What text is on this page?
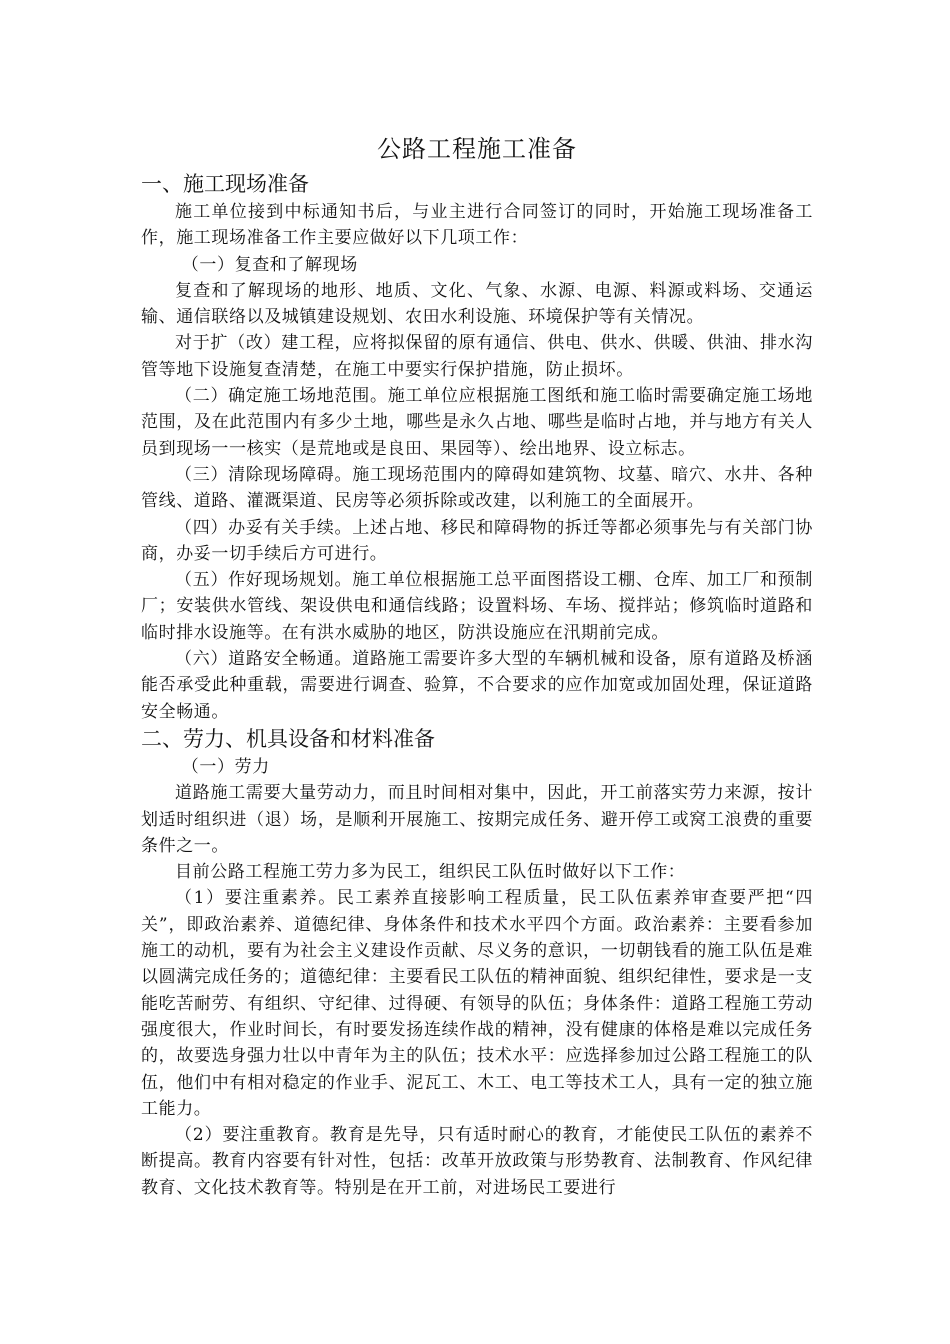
公路工程施工准备
一、施工现场准备

施工单位接到中标通知书后，与业主进行合同签订的同时，开始施工现场准备工作，施工现场准备工作主要应做好以下几项工作：

（一）复查和了解现场

复查和了解现场的地形、地质、文化、气象、水源、电源、料源或料场、交通运输、通信联络以及城镇建设规划、农田水利设施、环境保护等有关情况。

对于扩（改）建工程，应将拟保留的原有通信、供电、供水、供暖、供油、排水沟管等地下设施复查清楚，在施工中要实行保护措施，防止损坏。

（二）确定施工场地范围。施工单位应根据施工图纸和施工临时需要确定施工场地范围，及在此范围内有多少土地，哪些是永久占地、哪些是临时占地，并与地方有关人员到现场一一核实（是荒地或是良田、果园等）、绘出地界、设立标志。

（三）清除现场障碍。施工现场范围内的障碍如建筑物、坟墓、暗穴、水井、各种管线、道路、灌溉渠道、民房等必须拆除或改建，以利施工的全面展开。

（四）办妥有关手续。上述占地、移民和障碍物的拆迁等都必须事先与有关部门协商，办妥一切手续后方可进行。

（五）作好现场规划。施工单位根据施工总平面图搭设工棚、仓库、加工厂和预制厂；安装供水管线、架设供电和通信线路；设置料场、车场、搅拌站；修筑临时道路和临时排水设施等。在有洪水威胁的地区，防洪设施应在汛期前完成。

（六）道路安全畅通。道路施工需要许多大型的车辆机械和设备，原有道路及桥涵能否承受此种重载，需要进行调查、验算，不合要求的应作加宽或加固处理，保证道路安全畅通。

二、劳力、机具设备和材料准备

（一）劳力

道路施工需要大量劳动力，而且时间相对集中，因此，开工前落实劳力来源，按计划适时组织进（退）场，是顺利开展施工、按期完成任务、避开停工或窝工浪费的重要条件之一。

目前公路工程施工劳力多为民工，组织民工队伍时做好以下工作：

（1）要注重素养。民工素养直接影响工程质量，民工队伍素养审查要严把“四关”，即政治素养、道德纪律、身体条件和技术水平四个方面。政治素养：主要看参加施工的动机，要有为社会主义建设作贡献、尽义务的意识，一切朝钱看的施工队伍是难以圆满完成任务的；道德纪律：主要看民工队伍的精神面貌、组织纪律性，要求是一支能吃苦耐劳、有组织、守纪律、过得硬、有领导的队伍；身体条件：道路工程施工劳动强度很大，作业时间长，有时要发扬连续作战的精神，没有健康的体格是难以完成任务的，故要选身强力壮以中青年为主的队伍；技术水平：应选择参加过公路工程施工的队伍，他们中有相对稳定的作业手、泥瓦工、木工、电工等技术工人，具有一定的独立施工能力。

（2）要注重教育。教育是先导，只有适时耐心的教育，才能使民工队伍的素养不断提高。教育内容要有针对性，包括：改革开放政策与形势教育、法制教育、作风纪律教育、文化技术教育等。特别是在开工前，对进场民工要进行
